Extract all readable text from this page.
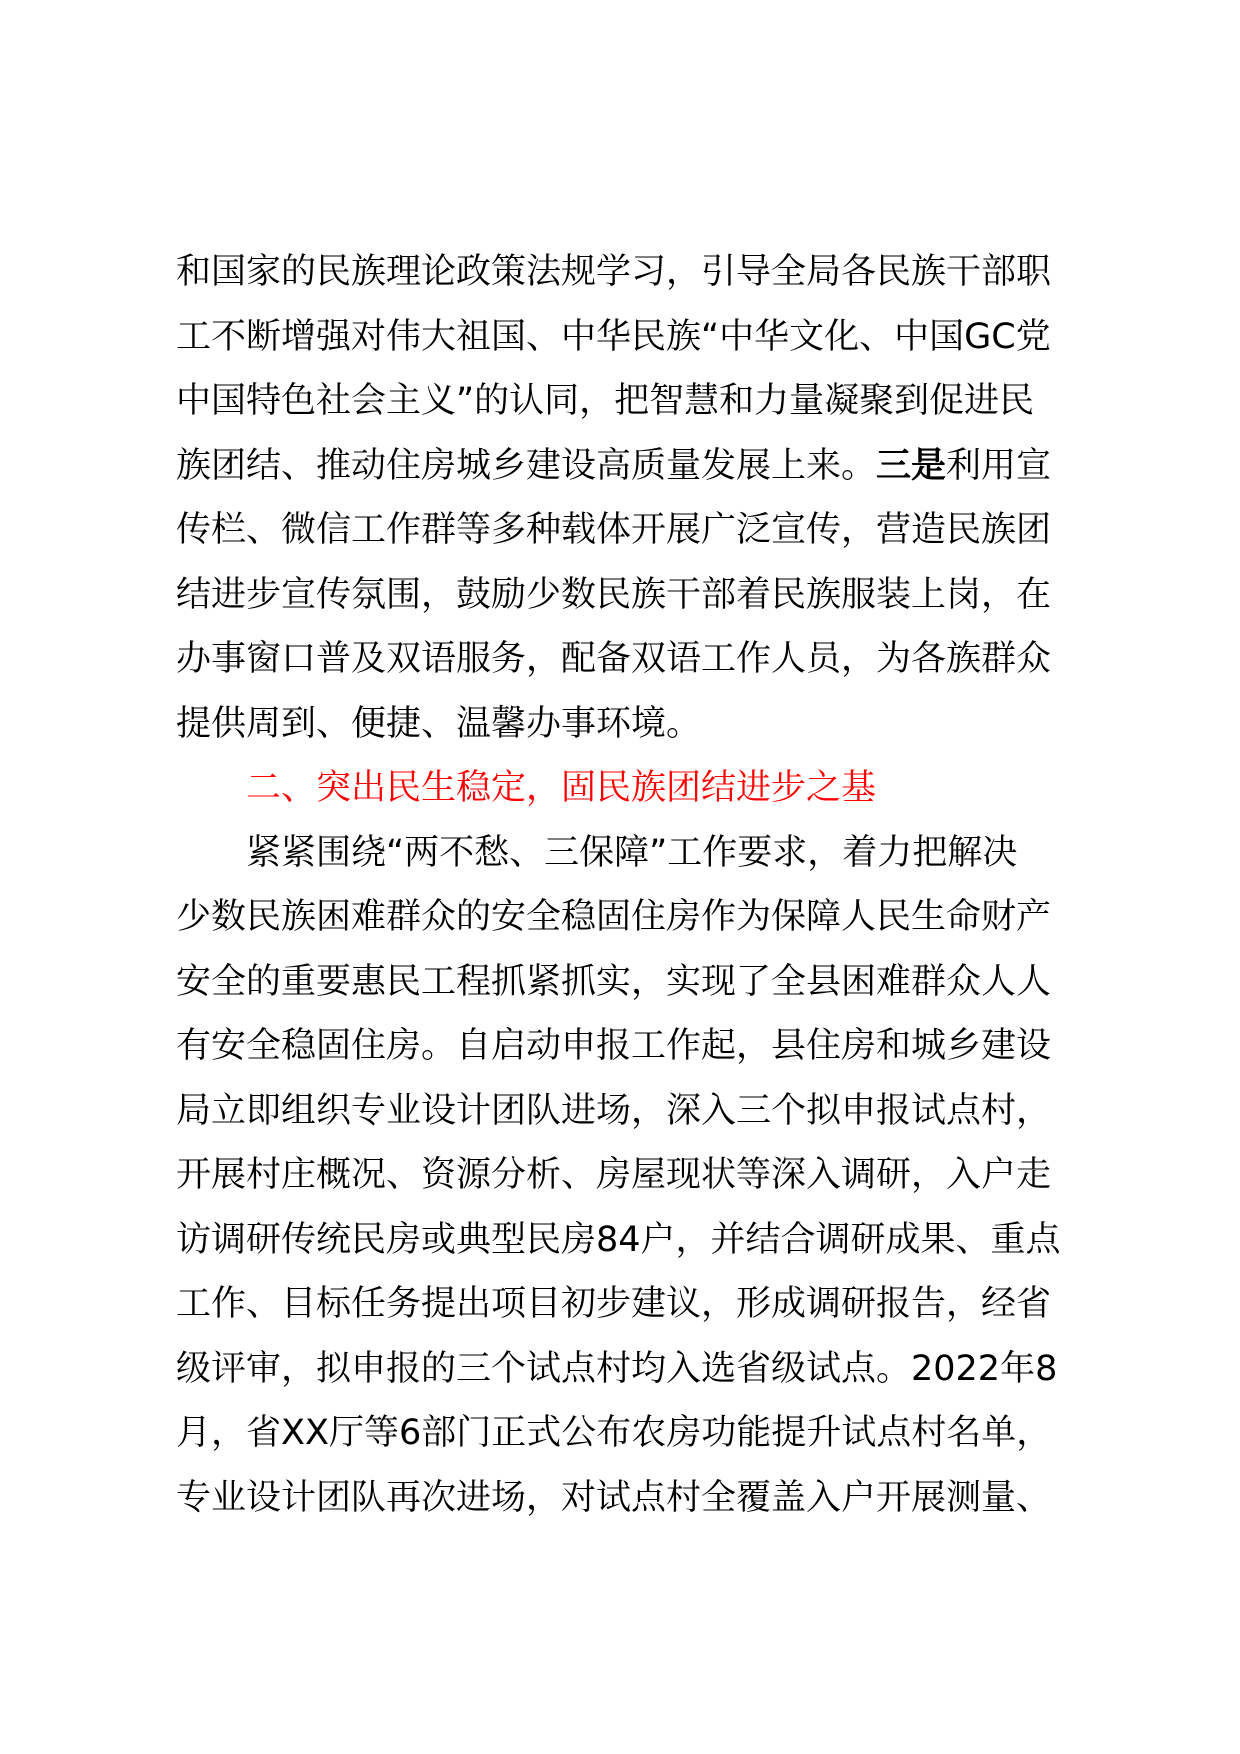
和国家的民族理论政策法规学习，引导全局各民族干部职
工不断增强对伟大祖国、中华民族“中华文化、中国GC党
中国特色社会主义”的认同，把智慧和力量凝聚到促进民
族团结、推动住房城乡建设高质量发展上来。三是利用宣
传栏、微信工作群等多种载体开展广泛宣传，营造民族团
结进步宣传氛围，鼓励少数民族干部着民族服装上岗，在
办事窗口普及双语服务，配备双语工作人员，为各族群众
提供周到、便捷、温馨办事环境。
二、突出民生稳定，固民族团结进步之基
紧紧围绕“两不愁、三保障”工作要求，着力把解决
少数民族困难群众的安全稳固住房作为保障人民生命财产
安全的重要惠民工程抓紧抓实，实现了全县困难群众人人
有安全稳固住房。自启动申报工作起，县住房和城乡建设
局立即组织专业设计团队进场，深入三个拟申报试点村，
开展村庄概况、资源分析、房屋现状等深入调研，入户走
访调研传统民房或典型民房84户，并结合调研成果、重点
工作、目标任务提出项目初步建议，形成调研报告，经省
级评审，拟申报的三个试点村均入选省级试点。2022年8
月，省XX厅等6部门正式公布农房功能提升试点村名单，
专业设计团队再次进场，对试点村全覆盖入户开展测量、
